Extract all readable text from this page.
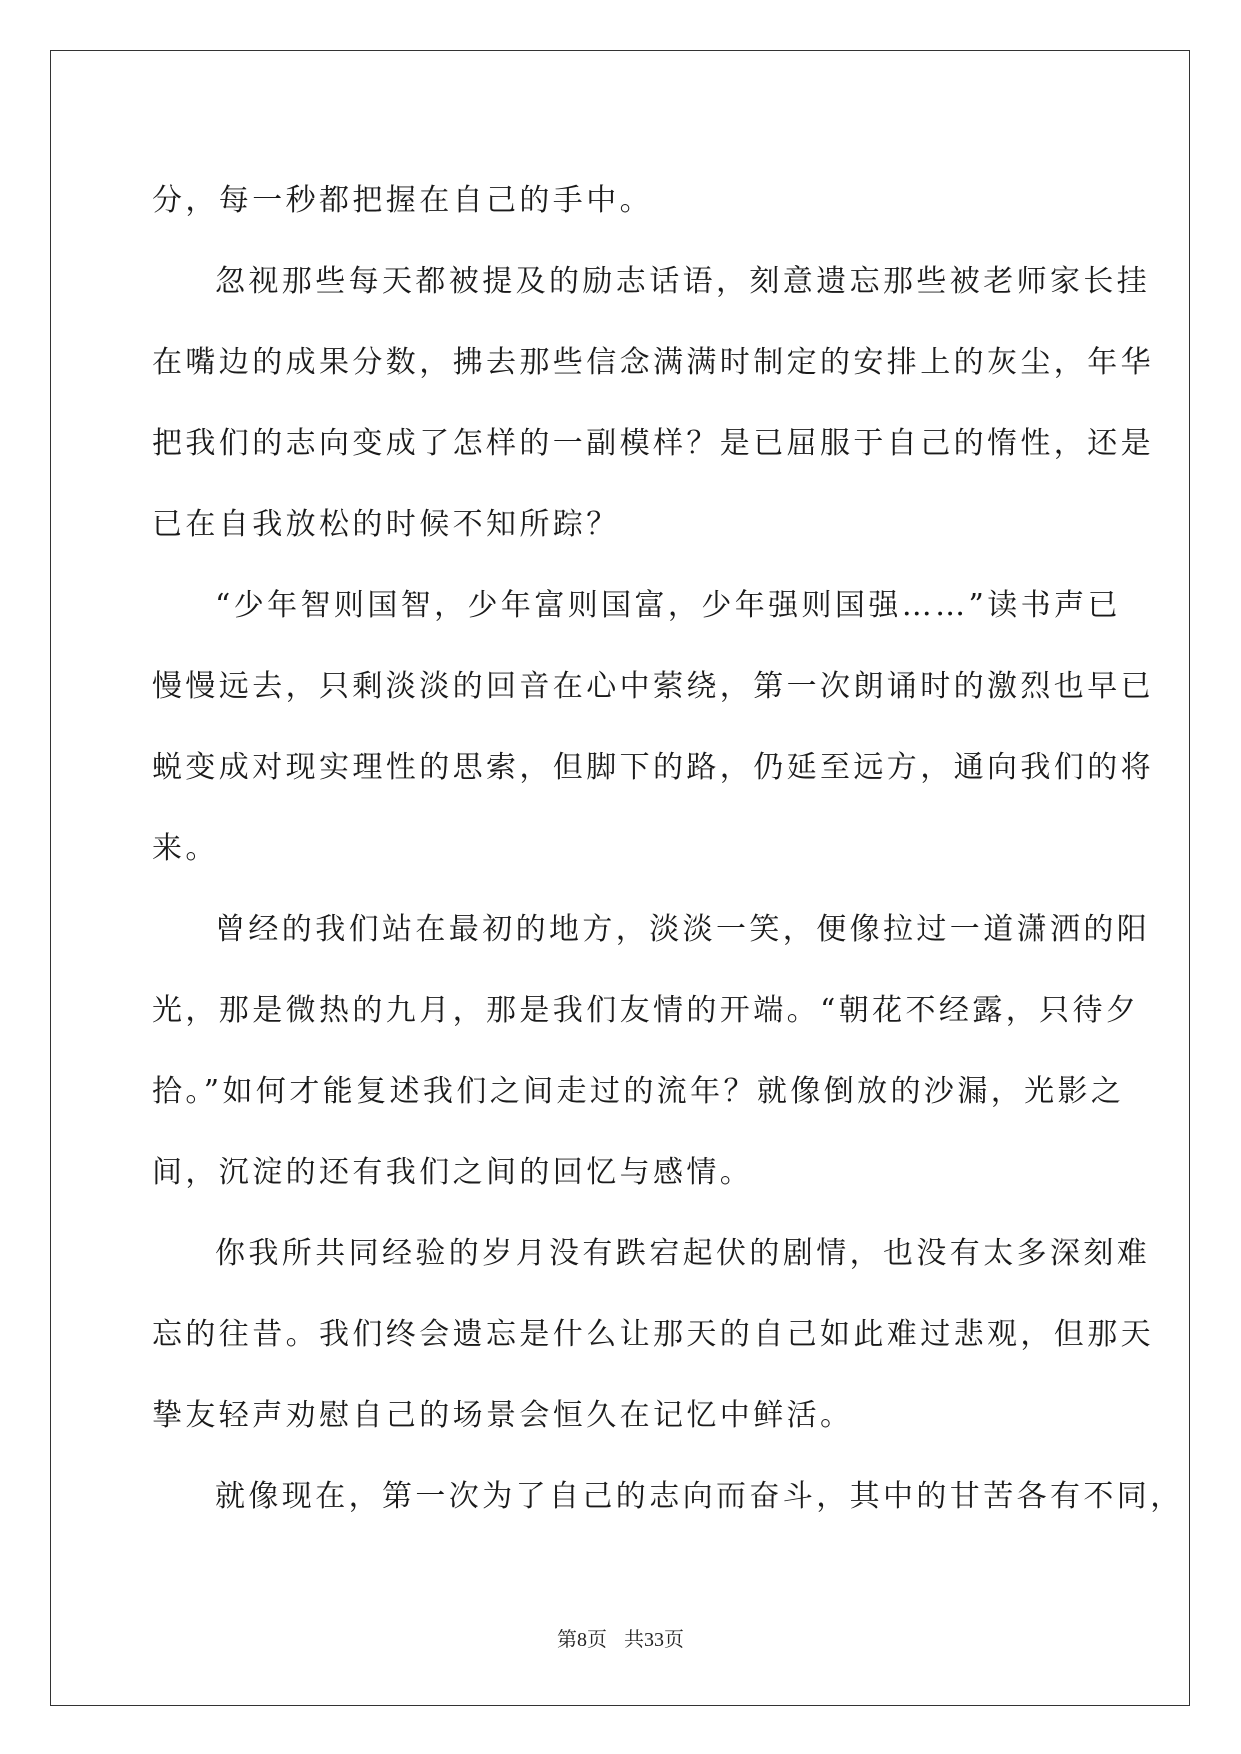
分，每一秒都把握在自己的手中。
忽视那些每天都被提及的励志话语，刻意遗忘那些被老师家长挂
在嘴边的成果分数，拂去那些信念满满时制定的安排上的灰尘，年华
把我们的志向变成了怎样的一副模样？是已屈服于自己的惰性，还是
已在自我放松的时候不知所踪？
“少年智则国智，少年富则国富，少年强则国强……”读书声已
慢慢远去，只剩淡淡的回音在心中萦绕，第一次朗诵时的激烈也早已
蜕变成对现实理性的思索，但脚下的路，仍延至远方，通向我们的将
来。
曾经的我们站在最初的地方，淡淡一笑，便像拉过一道潇洒的阳
光，那是微热的九月，那是我们友情的开端。“朝花不经露，只待夕
拾。”如何才能复述我们之间走过的流年？就像倒放的沙漏，光影之
间，沉淀的还有我们之间的回忆与感情。
你我所共同经验的岁月没有跌宕起伏的剧情，也没有太多深刻难
忘的往昔。我们终会遗忘是什么让那天的自己如此难过悲观，但那天
挚友轻声劝慰自己的场景会恒久在记忆中鲜活。
就像现在，第一次为了自己的志向而奋斗，其中的甘苦各有不同，
第8页 共33页
